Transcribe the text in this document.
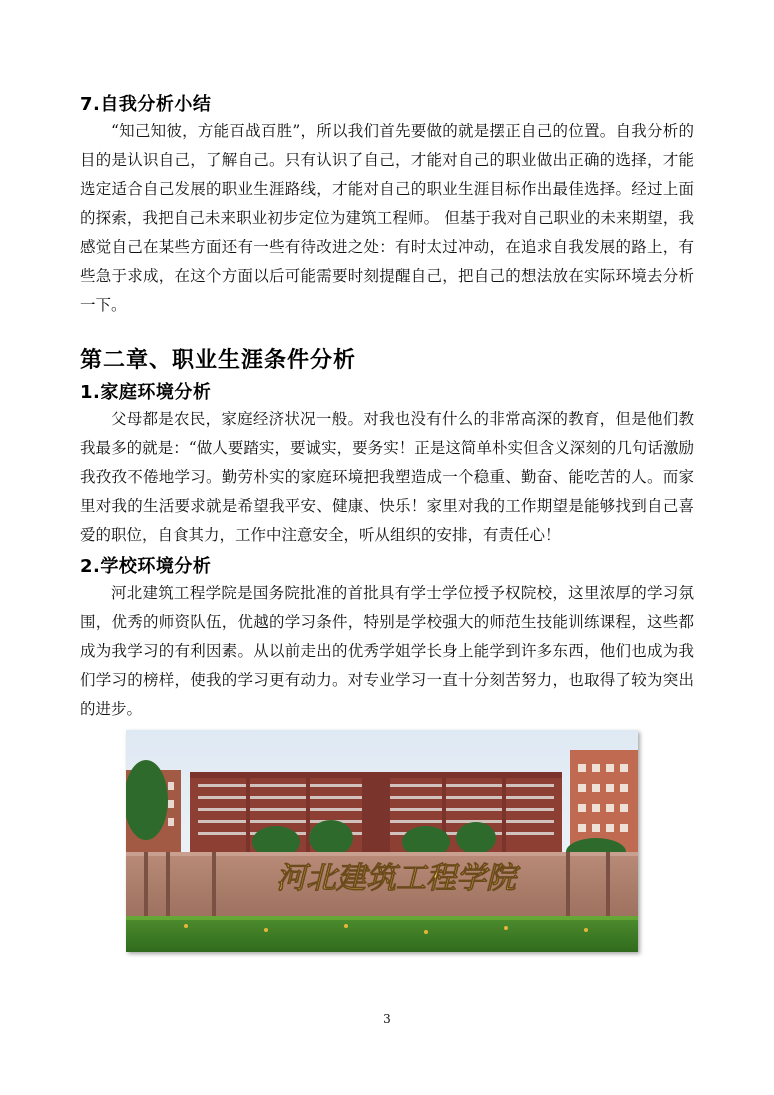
7.自我分析小结

“知己知彼，方能百战百胜”，所以我们首先要做的就是摆正自己的位置。自我分析的目的是认识自己，了解自己。只有认识了自己，才能对自己的职业做出正确的选择，才能选定适合自己发展的职业生涯路线，才能对自己的职业生涯目标作出最佳选择。经过上面的探索，我把自己未来职业初步定位为建筑工程师。 但基于我对自己职业的未来期望，我感觉自己在某些方面还有一些有待改进之处：有时太过冲动，在追求自我发展的路上，有些急于求成，在这个方面以后可能需要时刻提醒自己，把自己的想法放在实际环境去分析一下。

第二章、职业生涯条件分析
1.家庭环境分析

父母都是农民，家庭经济状况一般。对我也没有什么的非常高深的教育，但是他们教我最多的就是：“做人要踏实，要诚实，要务实！正是这简单朴实但含义深刻的几句话激励我孜孜不倦地学习。勤劳朴实的家庭环境把我塑造成一个稳重、勤奋、能吃苦的人。而家里对我的生活要求就是希望我平安、健康、快乐！家里对我的工作期望是能够找到自己喜爱的职位，自食其力，工作中注意安全，听从组织的安排，有责任心！

2.学校环境分析

河北建筑工程学院是国务院批准的首批具有学士学位授予权院校，这里浓厚的学习氛围，优秀的师资队伍，优越的学习条件，特别是学校强大的师范生技能训练课程，这些都成为我学习的有利因素。从以前走出的优秀学姐学长身上能学到许多东西，他们也成为我们学习的榜样，使我的学习更有动力。对专业学习一直十分刻苦努力，也取得了较为突出的进步。

河北建筑工程学院
3
